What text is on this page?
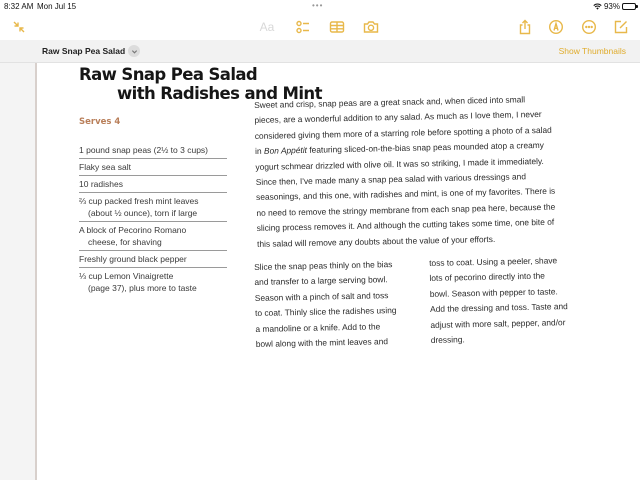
8:32 AM Mon Jul 15	•••	93%
Aa
Raw Snap Pea Salad	Show Thumbnails
Raw Snap Pea Salad
with Radishes and Mint
Serves 4
1 pound snap peas (2½ to 3 cups)
Flaky sea salt
10 radishes
⅔ cup packed fresh mint leaves
(about ½ ounce), torn if large
A block of Pecorino Romano
cheese, for shaving
Freshly ground black pepper
⅓ cup Lemon Vinaigrette
(page 37), plus more to taste

Sweet and crisp, snap peas are a great snack and, when diced into small

pieces, are a wonderful addition to any salad. As much as I love them, I never

considered giving them more of a starring role before spotting a photo of a salad

in Bon Appétit featuring sliced-on-the-bias snap peas mounded atop a creamy

yogurt schmear drizzled with olive oil. It was so striking, I made it immediately.

Since then, I've made many a snap pea salad with various dressings and

seasonings, and this one, with radishes and mint, is one of my favorites. There is

no need to remove the stringy membrane from each snap pea here, because the

slicing process removes it. And although the cutting takes some time, one bite of

this salad will remove any doubts about the value of your efforts.

Slice the snap peas thinly on the bias

and transfer to a large serving bowl.

Season with a pinch of salt and toss

to coat. Thinly slice the radishes using

a mandoline or a knife. Add to the

bowl along with the mint leaves and

toss to coat. Using a peeler, shave

lots of pecorino directly into the

bowl. Season with pepper to taste.

Add the dressing and toss. Taste and

adjust with more salt, pepper, and/or

dressing.
